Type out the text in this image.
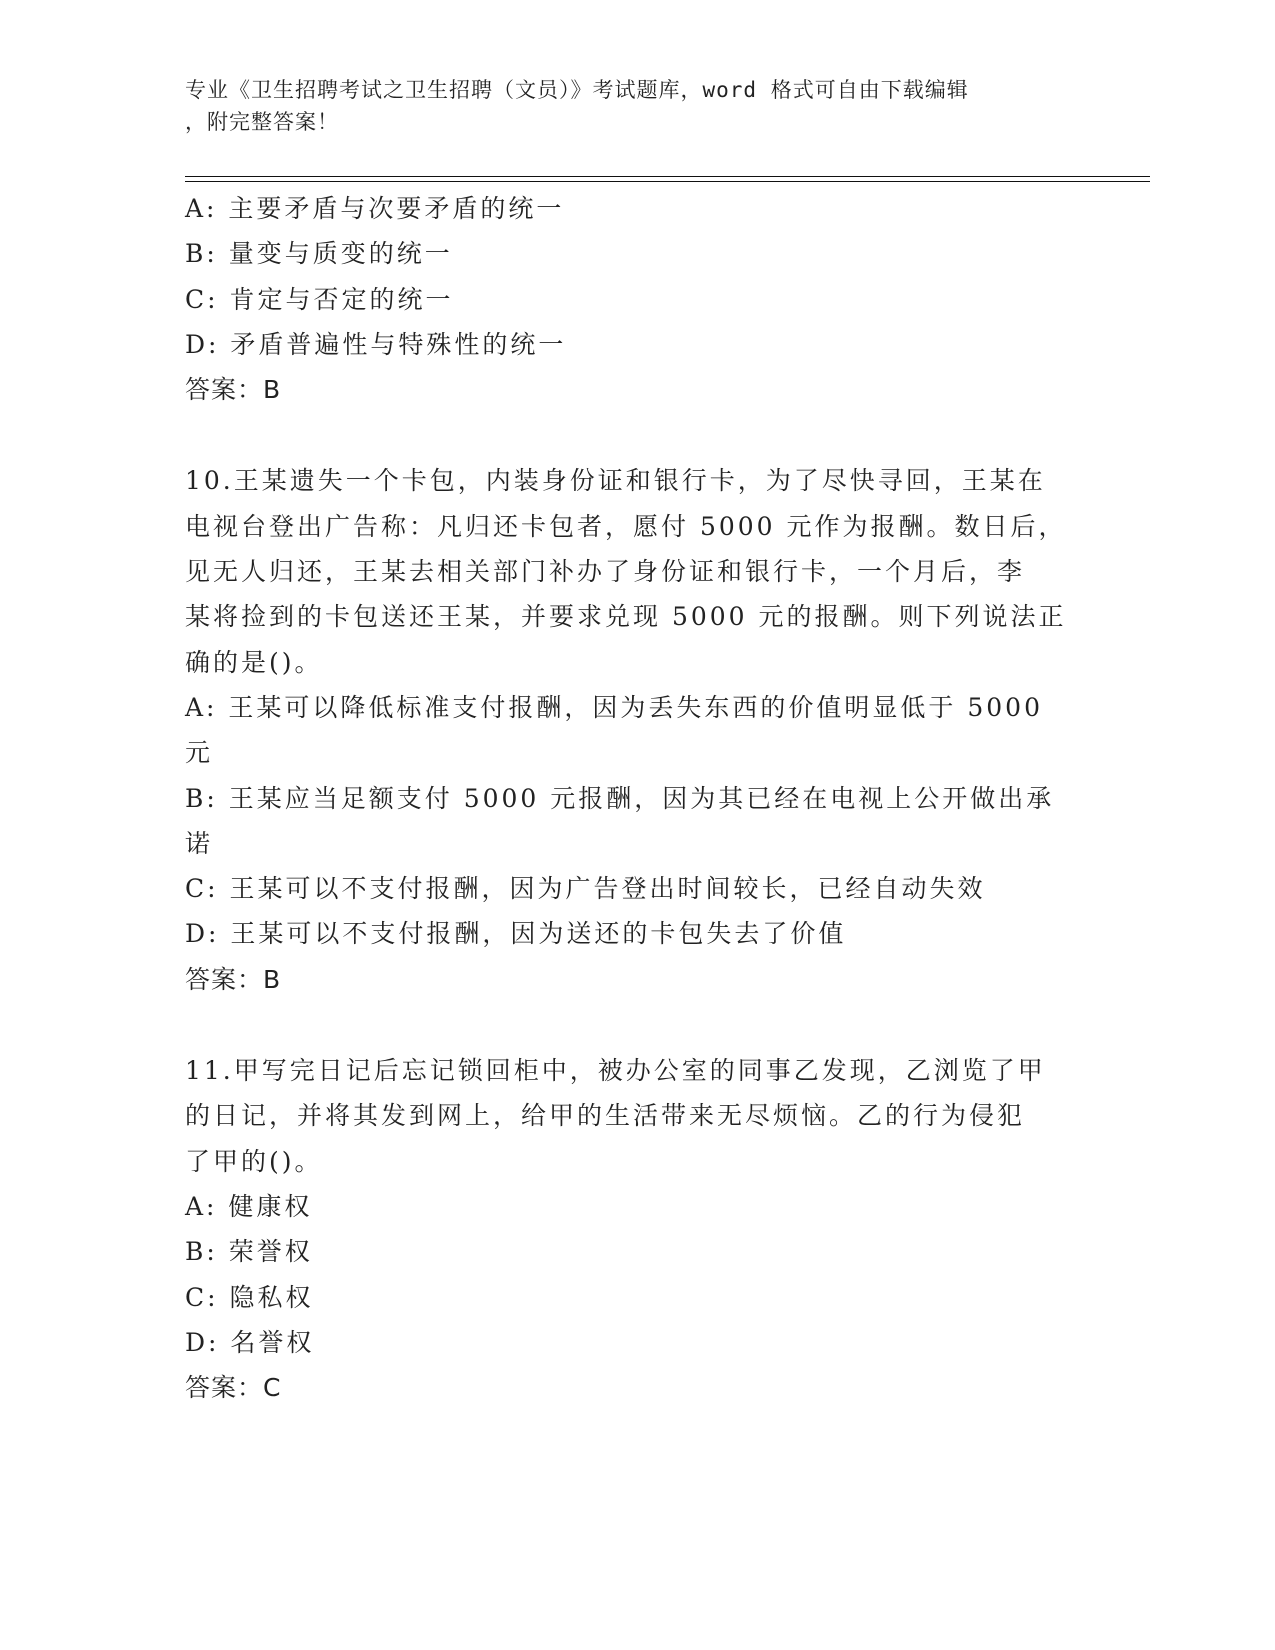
专业《卫生招聘考试之卫生招聘（文员）》考试题库，word 格式可自由下载编辑
，附完整答案！
A: 主要矛盾与次要矛盾的统一
B: 量变与质变的统一
C: 肯定与否定的统一
D: 矛盾普遍性与特殊性的统一
答案：B
10.王某遗失一个卡包，内装身份证和银行卡，为了尽快寻回，王某在
电视台登出广告称：凡归还卡包者，愿付 5000 元作为报酬。数日后，
见无人归还，王某去相关部门补办了身份证和银行卡，一个月后，李
某将捡到的卡包送还王某，并要求兑现 5000 元的报酬。则下列说法正
确的是()。
A: 王某可以降低标准支付报酬，因为丢失东西的价值明显低于 5000
元
B: 王某应当足额支付 5000 元报酬，因为其已经在电视上公开做出承
诺
C: 王某可以不支付报酬，因为广告登出时间较长，已经自动失效
D: 王某可以不支付报酬，因为送还的卡包失去了价值
答案：B
11.甲写完日记后忘记锁回柜中，被办公室的同事乙发现，乙浏览了甲
的日记，并将其发到网上，给甲的生活带来无尽烦恼。乙的行为侵犯
了甲的()。
A: 健康权
B: 荣誉权
C: 隐私权
D: 名誉权
答案：C
